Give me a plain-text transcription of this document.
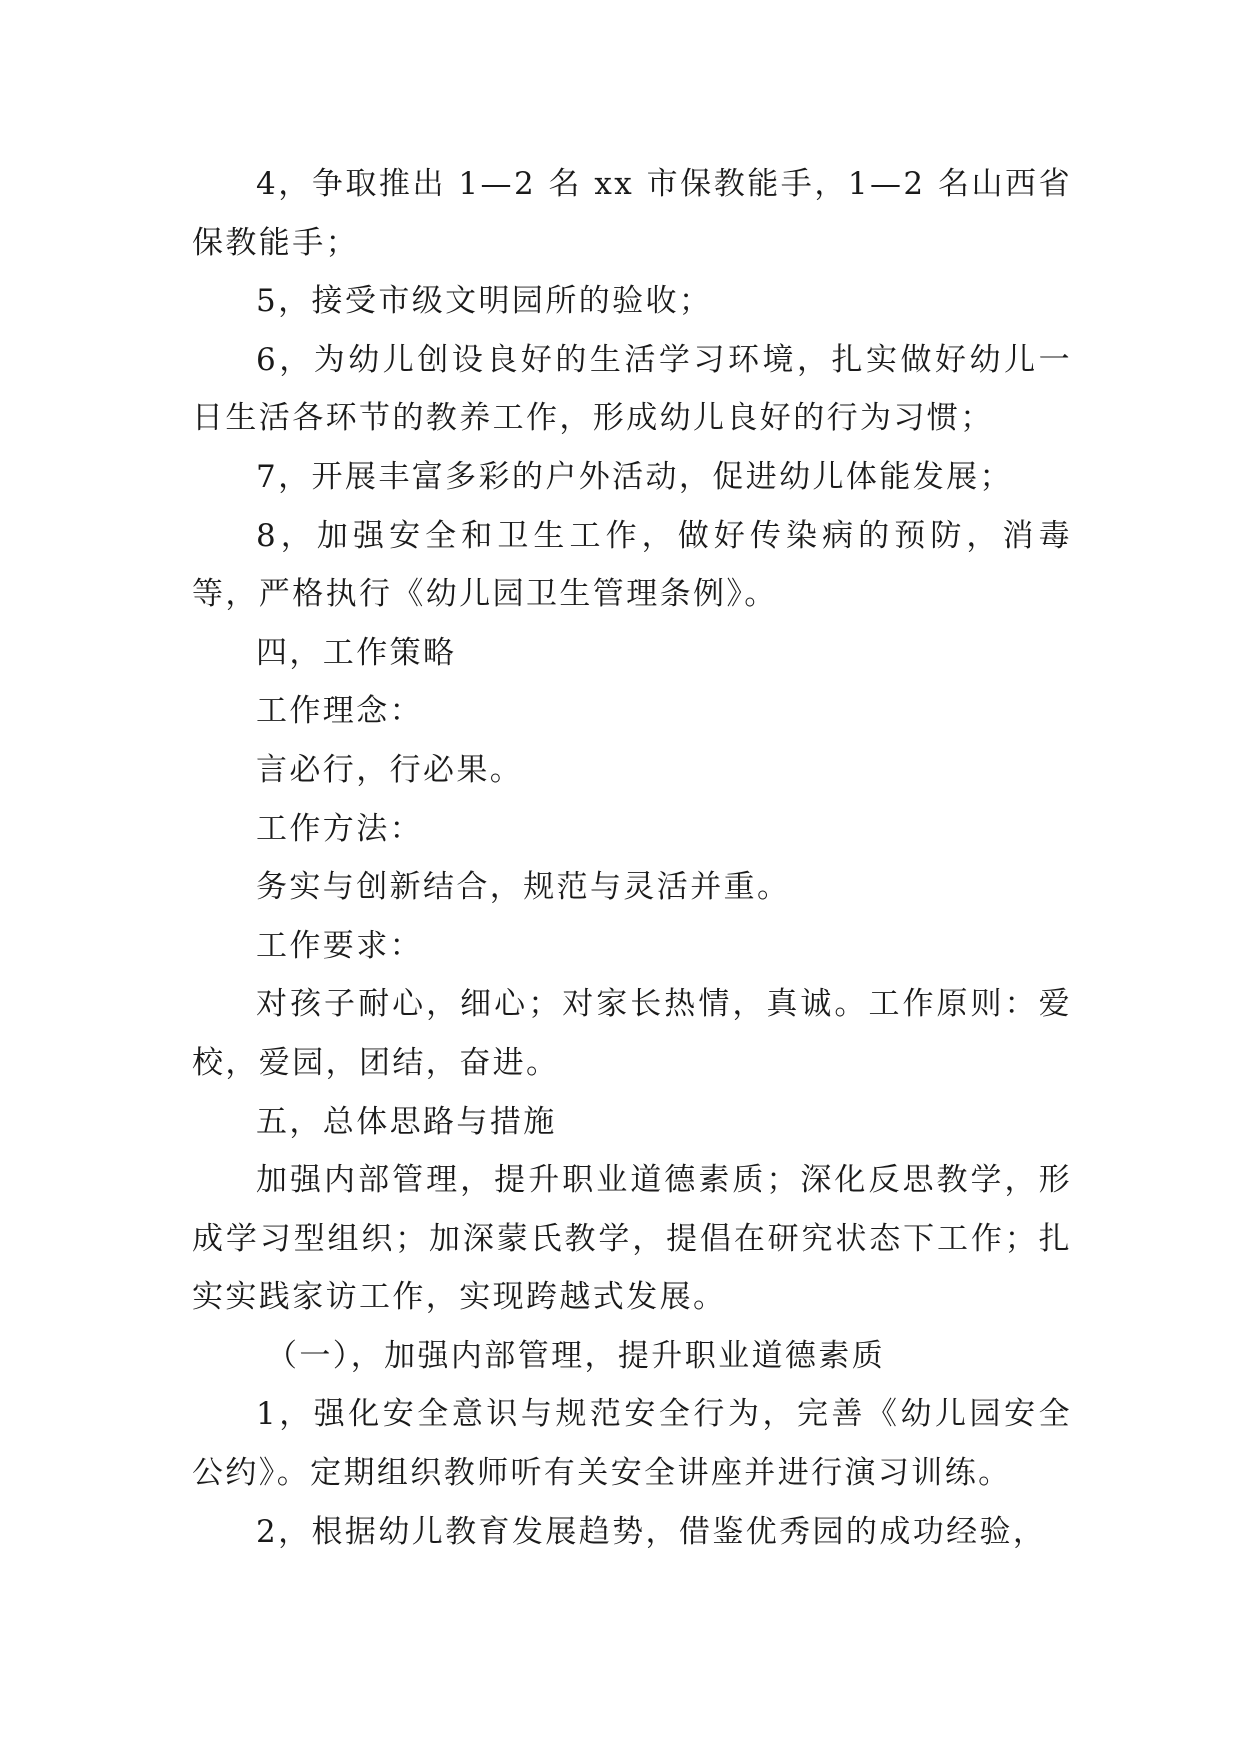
4，争取推出 1—2 名 xx 市保教能手，1—2 名山西省保教能手；

5，接受市级文明园所的验收；

6，为幼儿创设良好的生活学习环境，扎实做好幼儿一日生活各环节的教养工作，形成幼儿良好的行为习惯；

7，开展丰富多彩的户外活动，促进幼儿体能发展；

8，加强安全和卫生工作，做好传染病的预防，消毒等，严格执行《幼儿园卫生管理条例》。

四，工作策略

工作理念：

言必行，行必果。

工作方法：

务实与创新结合，规范与灵活并重。

工作要求：

对孩子耐心，细心；对家长热情，真诚。工作原则：爱校，爱园，团结，奋进。

五，总体思路与措施

加强内部管理，提升职业道德素质；深化反思教学，形成学习型组织；加深蒙氏教学，提倡在研究状态下工作；扎实实践家访工作，实现跨越式发展。

（一），加强内部管理，提升职业道德素质

1，强化安全意识与规范安全行为，完善《幼儿园安全公约》。定期组织教师听有关安全讲座并进行演习训练。

2，根据幼儿教育发展趋势，借鉴优秀园的成功经验，
